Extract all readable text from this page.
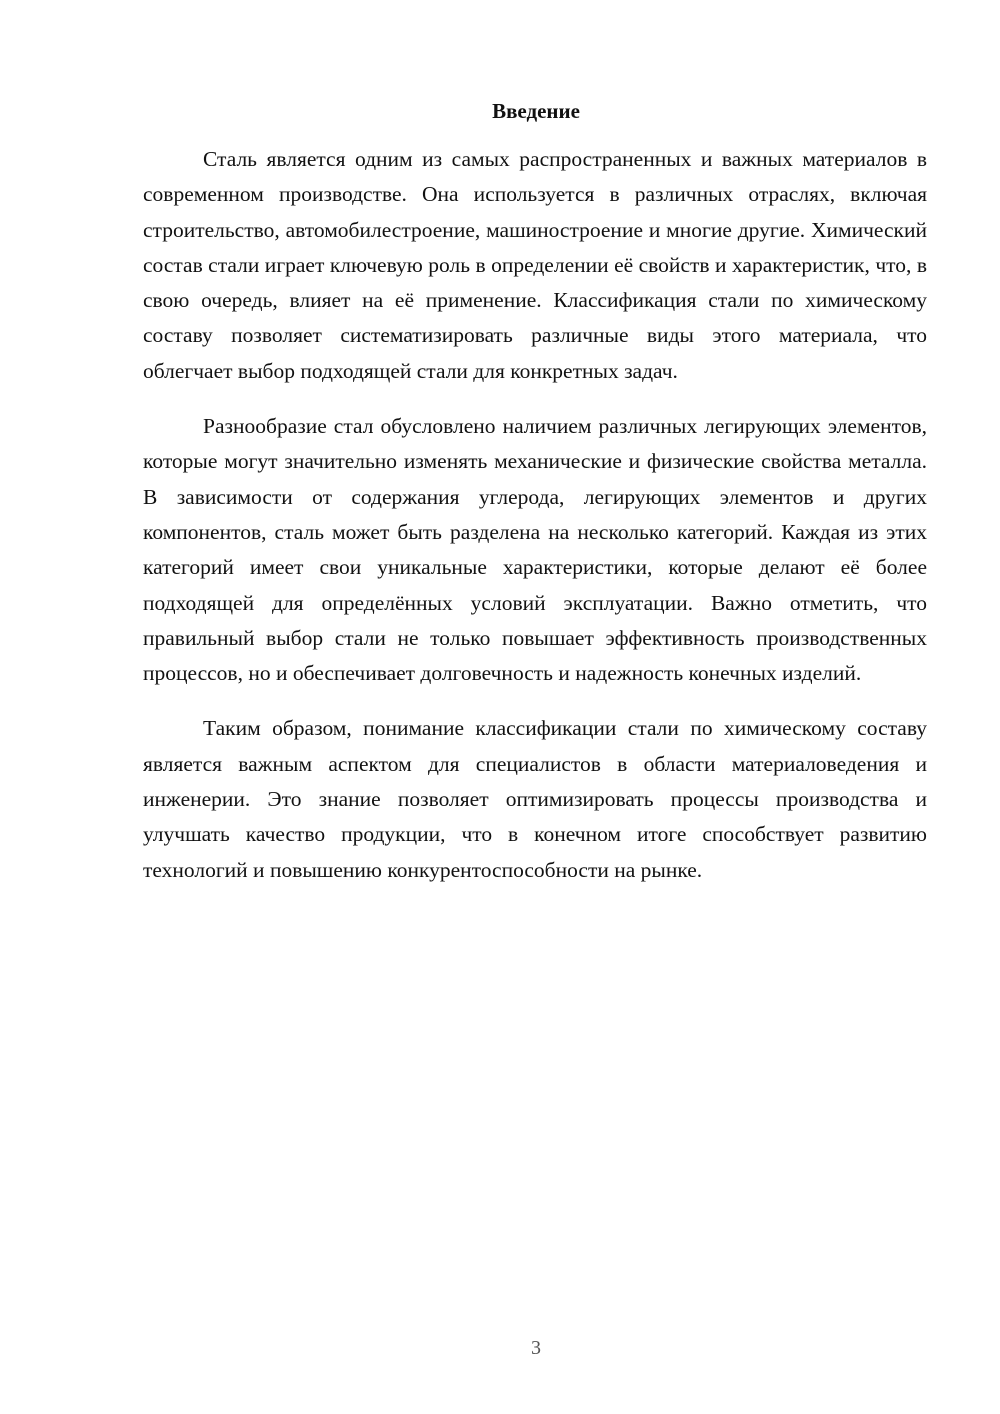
Введение

Сталь является одним из самых распространенных и важных материалов в современном производстве. Она используется в различных отраслях, включая строительство, автомобилестроение, машиностроение и многие другие. Химический состав стали играет ключевую роль в определении её свойств и характеристик, что, в свою очередь, влияет на её применение. Классификация стали по химическому составу позволяет систематизировать различные виды этого материала, что облегчает выбор подходящей стали для конкретных задач.

Разнообразие стал обусловлено наличием различных легирующих элементов, которые могут значительно изменять механические и физические свойства металла. В зависимости от содержания углерода, легирующих элементов и других компонентов, сталь может быть разделена на несколько категорий. Каждая из этих категорий имеет свои уникальные характеристики, которые делают её более подходящей для определённых условий эксплуатации. Важно отметить, что правильный выбор стали не только повышает эффективность производственных процессов, но и обеспечивает долговечность и надежность конечных изделий.

Таким образом, понимание классификации стали по химическому составу является важным аспектом для специалистов в области материаловедения и инженерии. Это знание позволяет оптимизировать процессы производства и улучшать качество продукции, что в конечном итоге способствует развитию технологий и повышению конкурентоспособности на рынке.

3
